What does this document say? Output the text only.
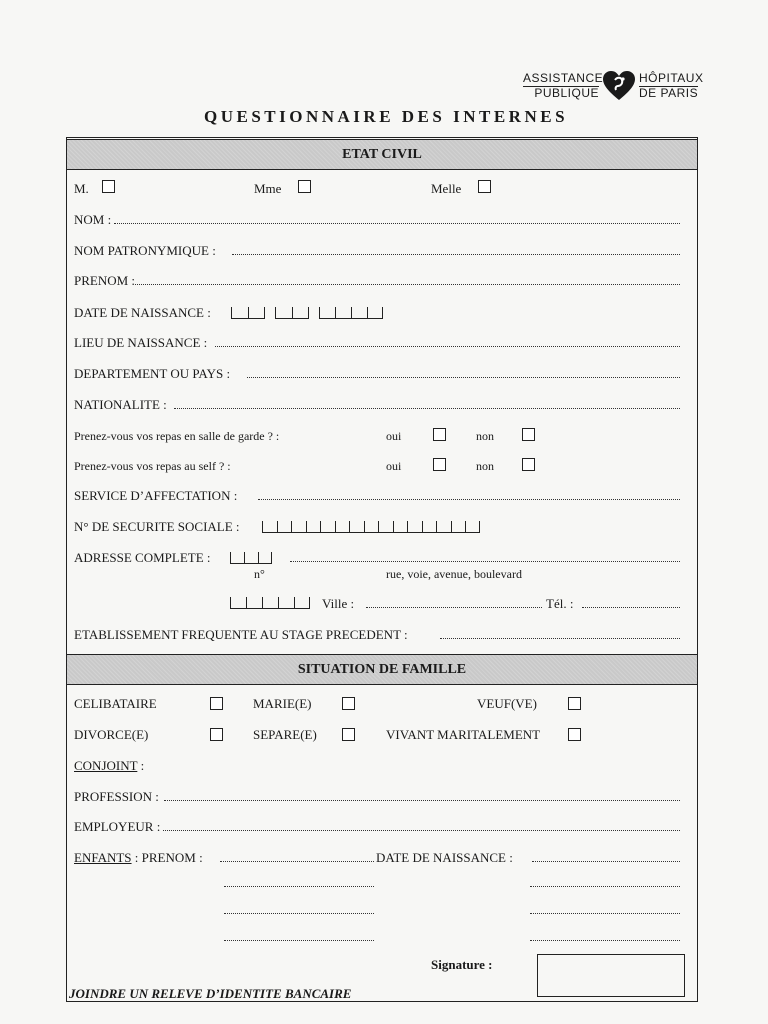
ASSISTANCE
PUBLIQUE
HÔPITAUX
DE PARIS
QUESTIONNAIRE DES INTERNES
ETAT CIVIL
M.	Mme	Melle
NOM :
NOM PATRONYMIQUE :
PRENOM :
DATE DE NAISSANCE :
LIEU DE NAISSANCE :
DEPARTEMENT OU PAYS :
NATIONALITE :
Prenez-vous vos repas en salle de garde ? :	oui	non
Prenez-vous vos repas au self ? :	oui	non
SERVICE D’AFFECTATION :
N° DE SECURITE SOCIALE :
ADRESSE COMPLETE :
n°	rue, voie, avenue, boulevard
Ville :	Tél. :
ETABLISSEMENT FREQUENTE AU STAGE PRECEDENT :
SITUATION DE FAMILLE
CELIBATAIRE	MARIE(E)	VEUF(VE)
DIVORCE(E)	SEPARE(E)	VIVANT MARITALEMENT
CONJOINT :
PROFESSION :
EMPLOYEUR :
ENFANTS : PRENOM :	DATE DE NAISSANCE :
Signature :
JOINDRE UN RELEVE D’IDENTITE BANCAIRE
